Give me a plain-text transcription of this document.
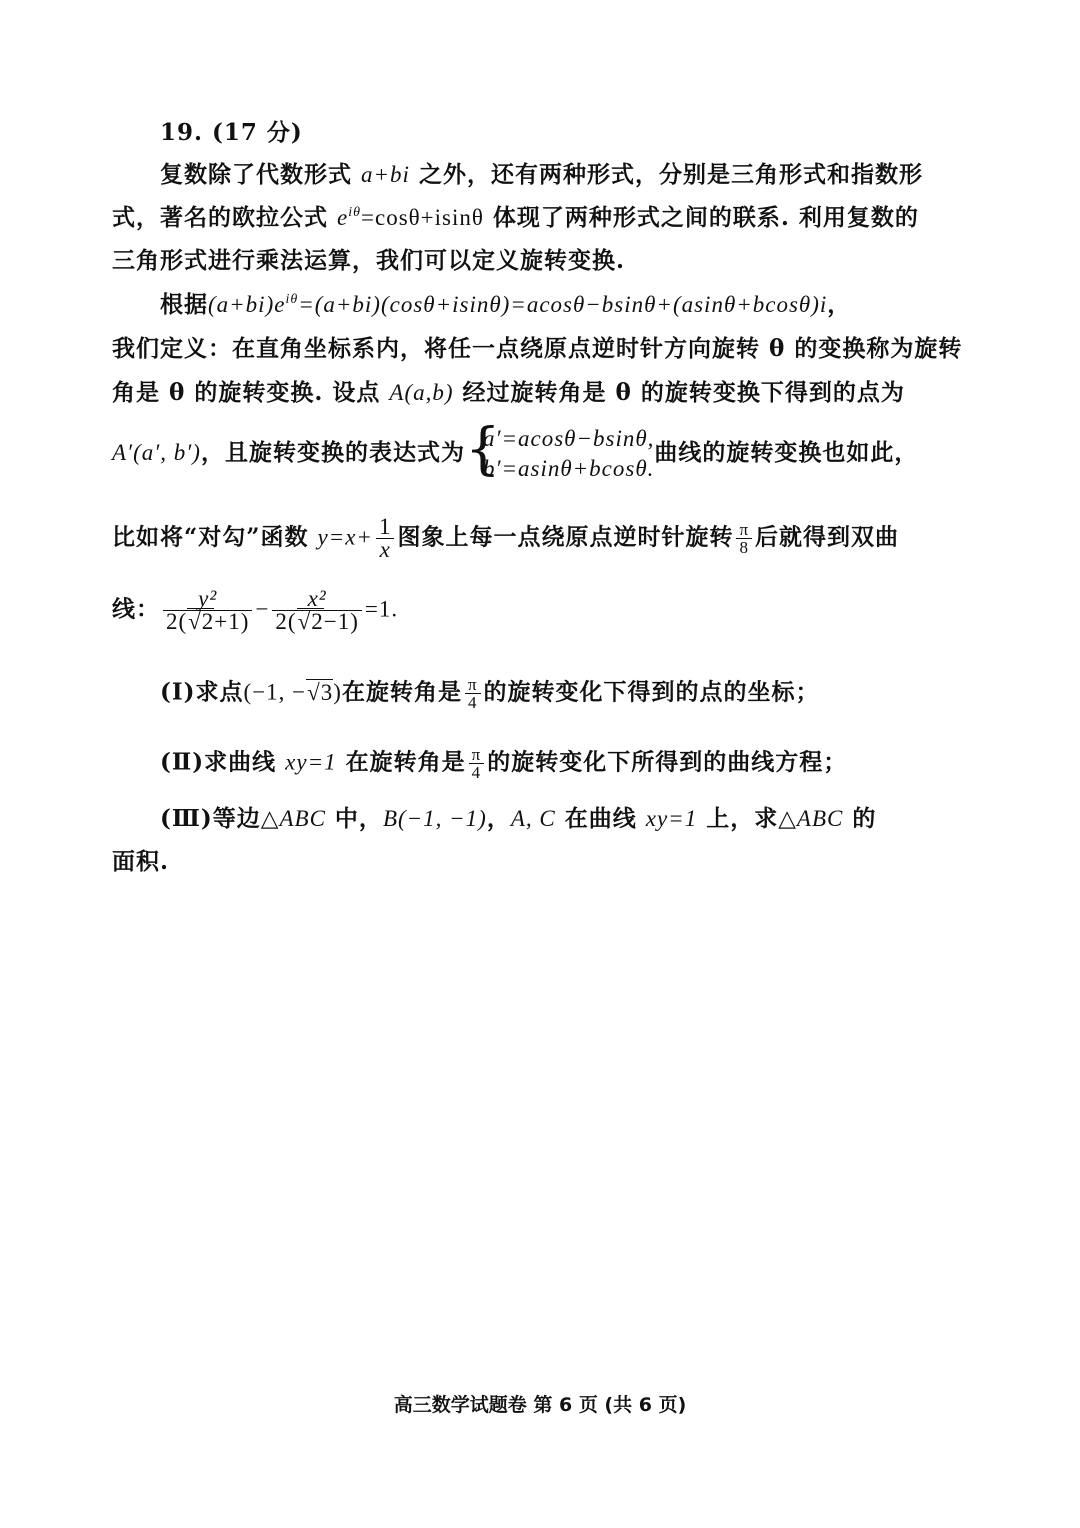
19. (17 分)
复数除了代数形式 a+bi 之外，还有两种形式，分别是三角形式和指数形
式，著名的欧拉公式 $e^{i\theta}=\cos\theta+isin\theta$ 体现了两种形式之间的联系. 利用复数的
三角形式进行乘法运算，我们可以定义旋转变换.
根据$(a+bi)e^{i\theta}=(a+bi)(\cos\theta+isin\theta)=acos\theta-bsin\theta+(asin\theta+bcos\theta)i$，
我们定义：在直角坐标系内，将任一点绕原点逆时针方向旋转 θ 的变换称为旋转
角是 θ 的旋转变换. 设点 A(a,b) 经过旋转角是 θ 的旋转变换下得到的点为
A′(a′, b′)，且旋转变换的表达式为 {
a′=acosθ−bsinθ,
b′=asinθ+bcosθ.
曲线的旋转变换也如此，
比如将“对勾”函数 $y=x+ \frac{1}{x}$ 图象上每一点绕原点逆时针旋转 $\frac{\pi}{8}$ 后就得到双曲
线： $\frac{\text{y²}}{2(√2+1)} - \frac{\text{x²}}{2(√2-1)} =1$.
(Ⅰ)求点(−1, −√3)在旋转角是 $\frac{\pi}{4}$ 的旋转变化下得到的点的坐标；
(Ⅱ)求曲线 xy=1 在旋转角是 $\frac{\pi}{4}$ 的旋转变化下所得到的曲线方程；
(Ⅲ)等边△ABC 中，B(−1, −1)，A, C 在曲线 xy=1 上，求△ABC 的
面积.
高三数学试题卷 第 6 页 (共 6 页)
